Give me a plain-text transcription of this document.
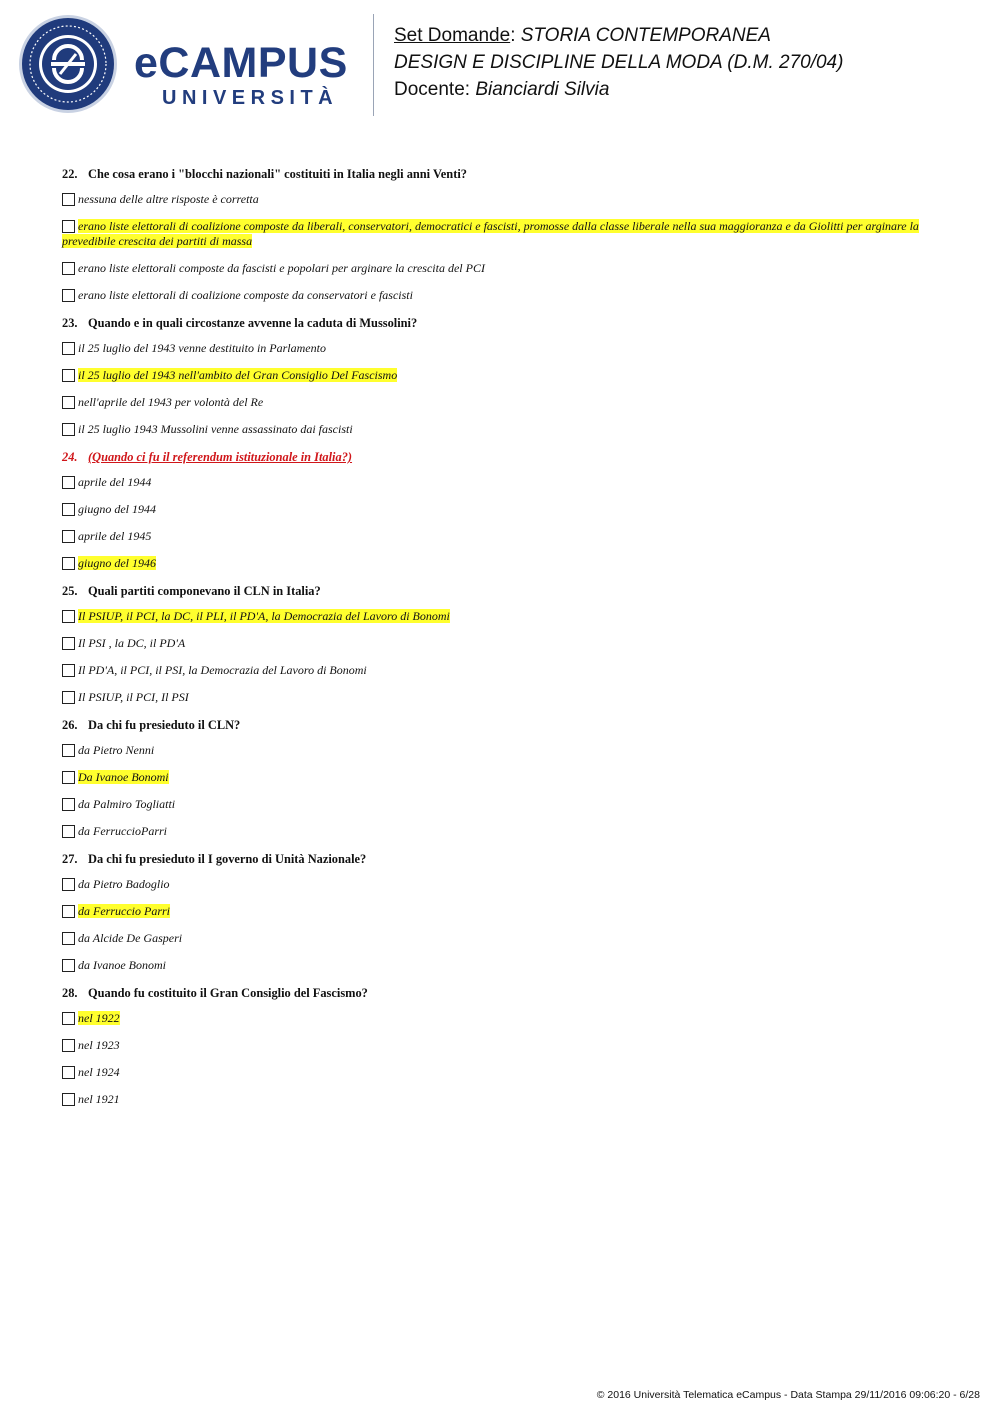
eCAMPUS
UNIVERSITÀ
Set Domande: STORIA CONTEMPORANEA
DESIGN E DISCIPLINE DELLA MODA (D.M. 270/04)
Docente: Bianciardi Silvia
22. Che cosa erano i "blocchi nazionali" costituiti in Italia negli anni Venti?
nessuna delle altre risposte è corretta
erano liste elettorali di coalizione composte da liberali, conservatori, democratici e fascisti, promosse dalla classe liberale nella sua maggioranza e da Giolitti per arginare la prevedibile crescita dei partiti di massa
erano liste elettorali composte da fascisti e popolari per arginare la crescita del PCI
erano liste elettorali di coalizione composte da conservatori e fascisti
23. Quando e in quali circostanze avvenne la caduta di Mussolini?
il 25 luglio del 1943 venne destituito in Parlamento
il 25 luglio del 1943 nell'ambito del Gran Consiglio Del Fascismo
nell'aprile del 1943 per volontà del Re
il 25 luglio 1943 Mussolini venne assassinato dai fascisti
24. (Quando ci fu il referendum istituzionale in Italia?)
aprile del 1944
giugno del 1944
aprile del 1945
giugno del 1946
25. Quali partiti componevano il CLN in Italia?
Il PSIUP, il PCI, la DC, il PLI, il PD'A, la Democrazia del Lavoro di Bonomi
Il PSI , la DC, il PD'A
Il PD'A, il PCI, il PSI, la Democrazia del Lavoro di Bonomi
Il PSIUP, il PCI, Il PSI
26. Da chi fu presieduto il CLN?
da Pietro Nenni
Da Ivanoe Bonomi
da Palmiro Togliatti
da FerruccioParri
27. Da chi fu presieduto il I governo di Unità Nazionale?
da Pietro Badoglio
da Ferruccio Parri
da Alcide De Gasperi
da Ivanoe Bonomi
28. Quando fu costituito il Gran Consiglio del Fascismo?
nel 1922
nel 1923
nel 1924
nel 1921
© 2016 Università Telematica eCampus - Data Stampa 29/11/2016 09:06:20 - 6/28
